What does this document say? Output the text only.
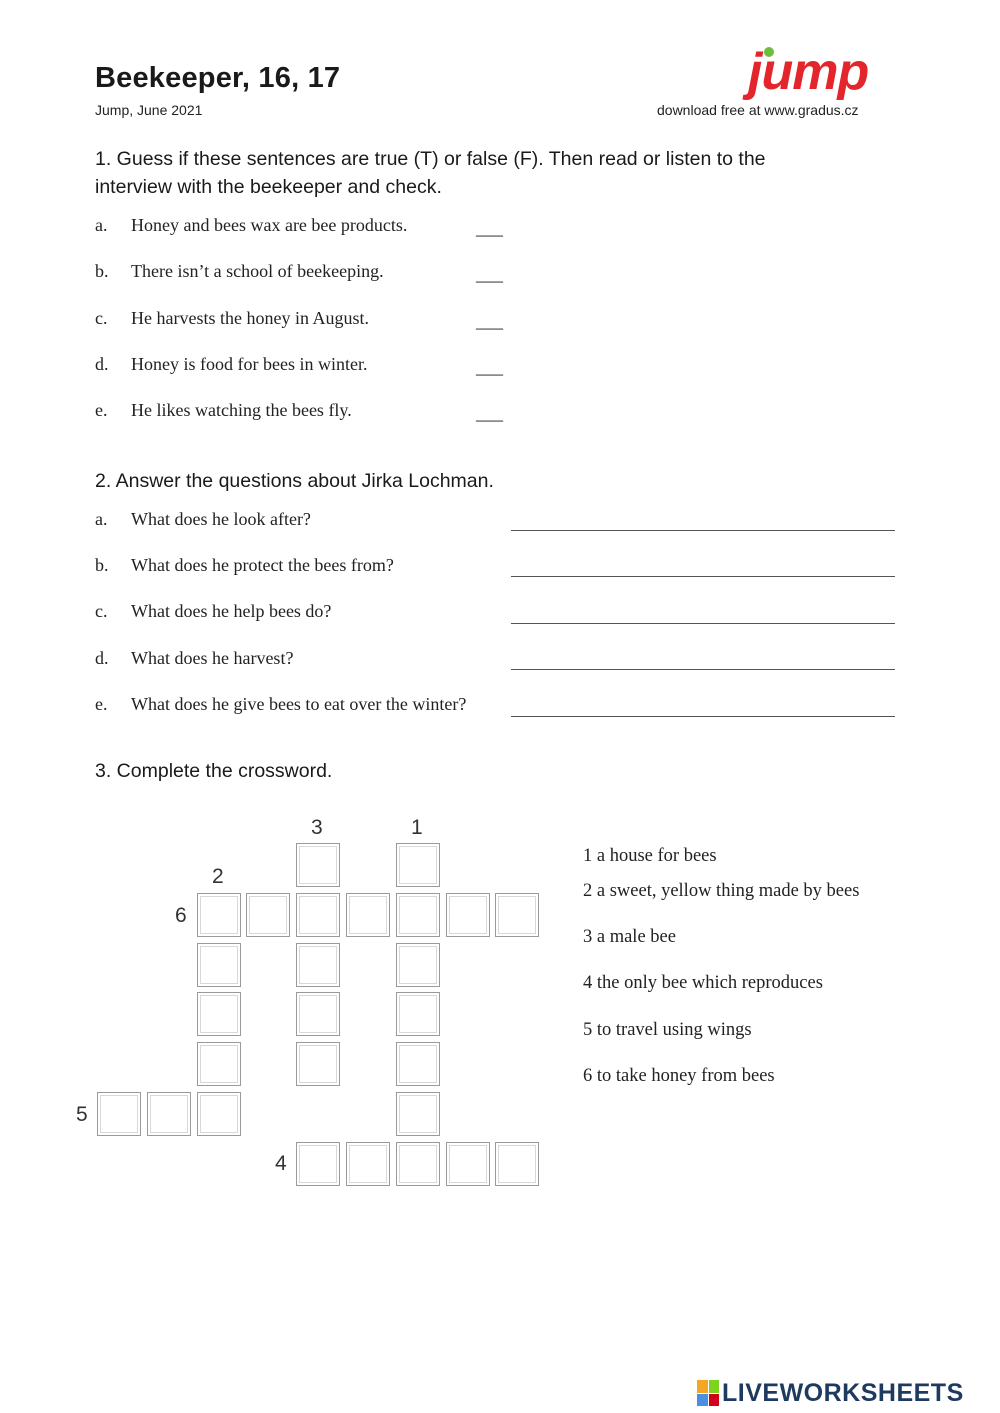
Beekeeper, 16, 17
Jump, June 2021
jump
download free at www.gradus.cz
1. Guess if these sentences are true (T) or false (F). Then read or listen to the
interview with the beekeeper and check.
a. Honey and bees wax are bee products.	___
b. There isn’t a school of beekeeping.	___
c. He harvests the honey in August.	___
d. Honey is food for bees in winter.	___
e. He likes watching the bees fly.	___
2. Answer the questions about Jirka Lochman.
a. What does he look after?
b. What does he protect the bees from?
c. What does he help bees do?
d. What does he harvest?
e. What does he give bees to eat over the winter?
3. Complete the crossword.
3	1
2
6
5
4
1 a house for bees
2 a sweet, yellow thing made by bees
3 a male bee
4 the only bee which reproduces
5 to travel using wings
6 to take honey from bees
LIVEWORKSHEETS
